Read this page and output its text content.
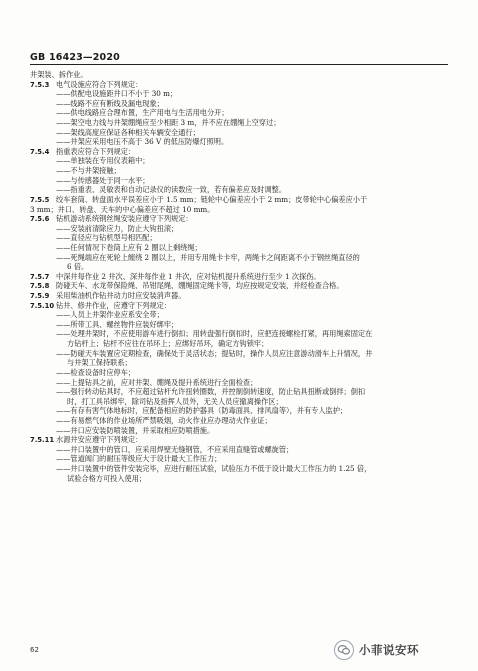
GB 16423—2020
井架装、拆作业。
7.5.3 电气设施应符合下列规定：
——供配电设施距井口不小于 30 m；
——线路不应有断线及漏电现象；
——供电线路应合理布置，生产用电与生活用电分开；
——架空电力线与井架绷绳应至少相距 3 m，并不应在绷绳上空穿过；
——架线高度应保证各种相关车辆安全通行；
——井架应采用电压不高于 36 V 的低压防爆灯照明。
7.5.4 指重表应符合下列规定：
——单独装在专用仪表箱中；
——不与井架接触；
——与传感器处于同一水平；
——指重表、灵敏表和自动记录仪的读数应一致，若有偏差应及时调整。
7.5.5 绞车套筒、转盘面水平误差应小于 1.5 mm；链轮中心偏差应小于 2 mm；皮带轮中心偏差应小于
3 mm；井口、转盘、天车的中心偏差应不超过 10 mm。
7.5.6 钻机游动系统钢丝绳安装应遵守下列规定：
——安装前清除应力，防止大钩扭滚；
——直径应与钻机型号相匹配；
——任何情况下卷筒上应有 2 圈以上剩绕绳；
——死绳端应在死轮上缠绕 2 圈以上，并用专用绳卡卡牢，两绳卡之间距离不小于钢丝绳直径的
6 倍。
7.5.7 中深井每作业 2 井次、深井每作业 1 井次，应对钻机提升系统进行至少 1 次探伤。
7.5.8 防碰天车、水龙带保险绳、吊钳尾绳、绷绳固定绳卡等，均应按规定安装，并经检查合格。
7.5.9 采用柴油机作钻井动力时应安装消声器。
7.5.10 钻井、修井作业，应遵守下列规定：
——人员上井架作业应系安全带；
——所带工具、螺丝物件应装好绑牢；
——处理井架时，不应使用游车进行倒扣；用转盘强行倒扣时，应把连接螺栓打紧，再用绳索固定在
方钻杆上；钻杆不应往在吊环上；应绑好吊环，确定方钩锁牢；
——防碰天车装置应定期检查，确保处于灵活状态；提钻时，操作人员应注意游动滑车上升情况，井
与井架工保持联系；
——检查设备时应停车；
——上提钻具之前，应对井架、绷绳及提升系统进行全面检查；
——强行转动钻具时，不应超过钻杆允许扭转圈数，并控制倒转速度，防止钻具扭断或倒拌；倒扣
时，打工具吊绑牢，除司钻及指挥人员外，无关人员应撤离操作区；
——有存有害气体地标时，应配备相应的防护器具（防毒面具、排风扇等），并有专人监护；
——有易燃气体的作业场所严禁吸烟，动火作业应办理动火作业证；
——井口应安装防喷装置，并采取相应防喷措施。
7.5.11 水源井安应遵守下列规定：
——井口装置中的管口，应采用焊壁无缝钢管，不应采用直缝管或螺旋管；
——管道阀门的耐压等级应大于设计最大工作压力；
——井口装置中的管件安装完毕，应进行耐压试验，试验压力不低于设计最大工作压力的 1.25 倍，
试验合格方可投入使用；
62	小菲说安环
